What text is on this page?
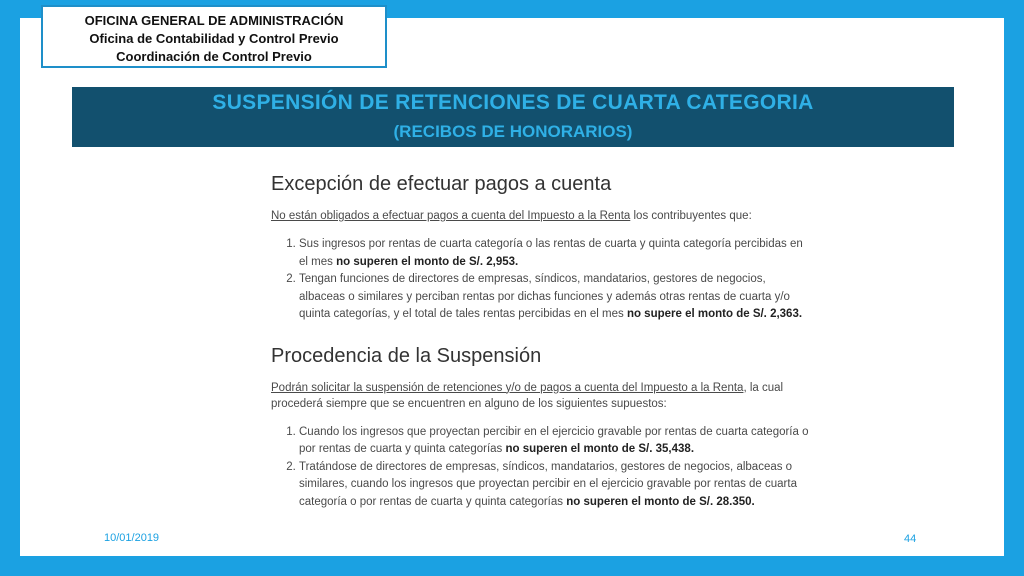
OFICINA GENERAL DE ADMINISTRACIÓN
Oficina de Contabilidad y Control Previo
Coordinación de Control Previo
SUSPENSIÓN DE RETENCIONES DE CUARTA CATEGORIA
(RECIBOS DE HONORARIOS)
Excepción de efectuar pagos a cuenta

No están obligados a efectuar pagos a cuenta del Impuesto a la Renta los contribuyentes que:

1. Sus ingresos por rentas de cuarta categoría o las rentas de cuarta y quinta categoría percibidas en el mes no superen el monto de S/. 2,953.
2. Tengan funciones de directores de empresas, síndicos, mandatarios, gestores de negocios, albaceas o similares y perciban rentas por dichas funciones y además otras rentas de cuarta y/o quinta categorías, y el total de tales rentas percibidas en el mes no supere el monto de S/. 2,363.
Procedencia de la Suspensión

Podrán solicitar la suspensión de retenciones y/o de pagos a cuenta del Impuesto a la Renta, la cual procederá siempre que se encuentren en alguno de los siguientes supuestos:

1. Cuando los ingresos que proyectan percibir en el ejercicio gravable por rentas de cuarta categoría o por rentas de cuarta y quinta categorías no superen el monto de S/. 35,438.
2. Tratándose de directores de empresas, síndicos, mandatarios, gestores de negocios, albaceas o similares, cuando los ingresos que proyectan percibir en el ejercicio gravable por rentas de cuarta categoría o por rentas de cuarta y quinta categorías no superen el monto de S/. 28.350.
10/01/2019	44
